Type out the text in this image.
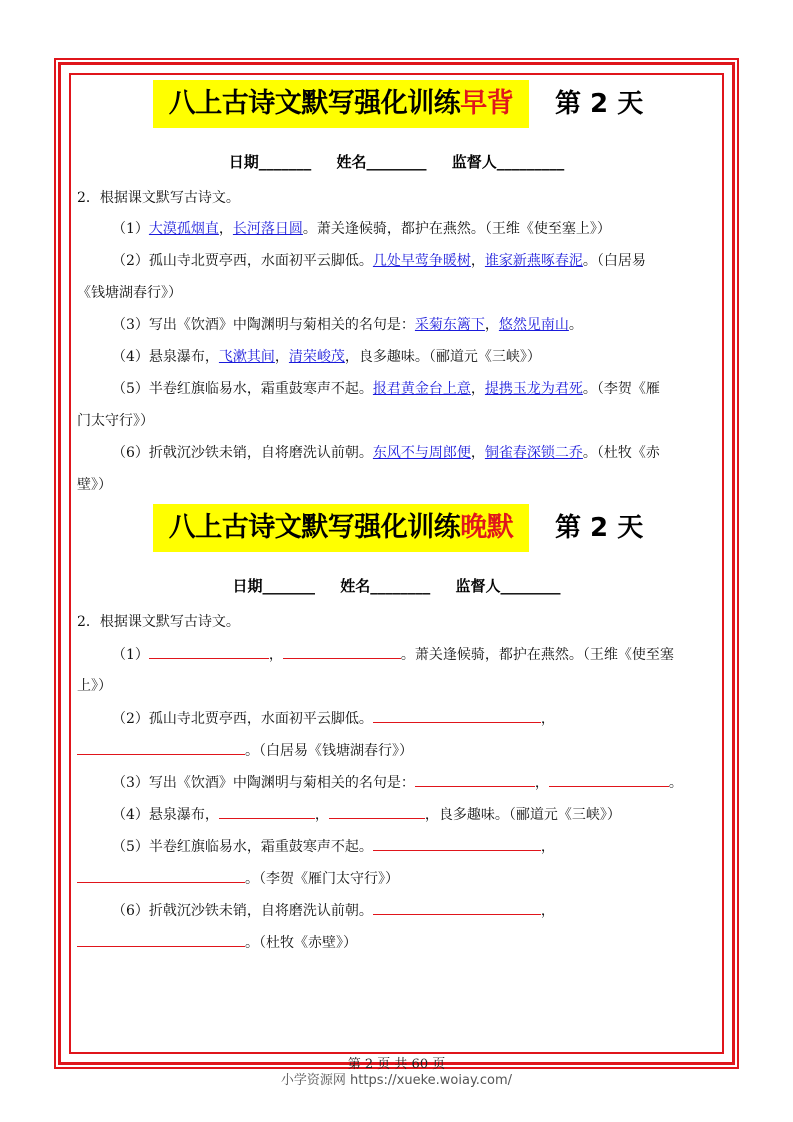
八上古诗文默写强化训练早背	第 2 天
日期_______ 姓名________ 监督人_________
2．根据课文默写古诗文。
（1）大漠孤烟直，长河落日圆。萧关逢候骑，都护在燕然。（王维《使至塞上》）
（2）孤山寺北贾亭西，水面初平云脚低。几处早莺争暖树，谁家新燕啄春泥。（白居易
《钱塘湖春行》）
（3）写出《饮酒》中陶渊明与菊相关的名句是：采菊东篱下，悠然见南山。
（4）悬泉瀑布，飞漱其间，清荣峻茂，良多趣味。（郦道元《三峡》）
（5）半卷红旗临易水，霜重鼓寒声不起。报君黄金台上意，提携玉龙为君死。（李贺《雁
门太守行》）
（6）折戟沉沙铁未销，自将磨洗认前朝。东风不与周郎便，铜雀春深锁二乔。（杜牧《赤
壁》）
八上古诗文默写强化训练晚默	第 2 天
日期_______ 姓名________ 监督人________
2．根据课文默写古诗文。
（1）	，	。萧关逢候骑，都护在燕然。（王维《使至塞
上》）
（2）孤山寺北贾亭西，水面初平云脚低。	，
。（白居易《钱塘湖春行》）
（3）写出《饮酒》中陶渊明与菊相关的名句是：	，	。
（4）悬泉瀑布，	，	，良多趣味。（郦道元《三峡》）
（5）半卷红旗临易水，霜重鼓寒声不起。	，
。（李贺《雁门太守行》）
（6）折戟沉沙铁未销，自将磨洗认前朝。	，
。（杜牧《赤壁》）
第 2 页 共 60 页
小学资源网 https://xueke.woiay.com/
